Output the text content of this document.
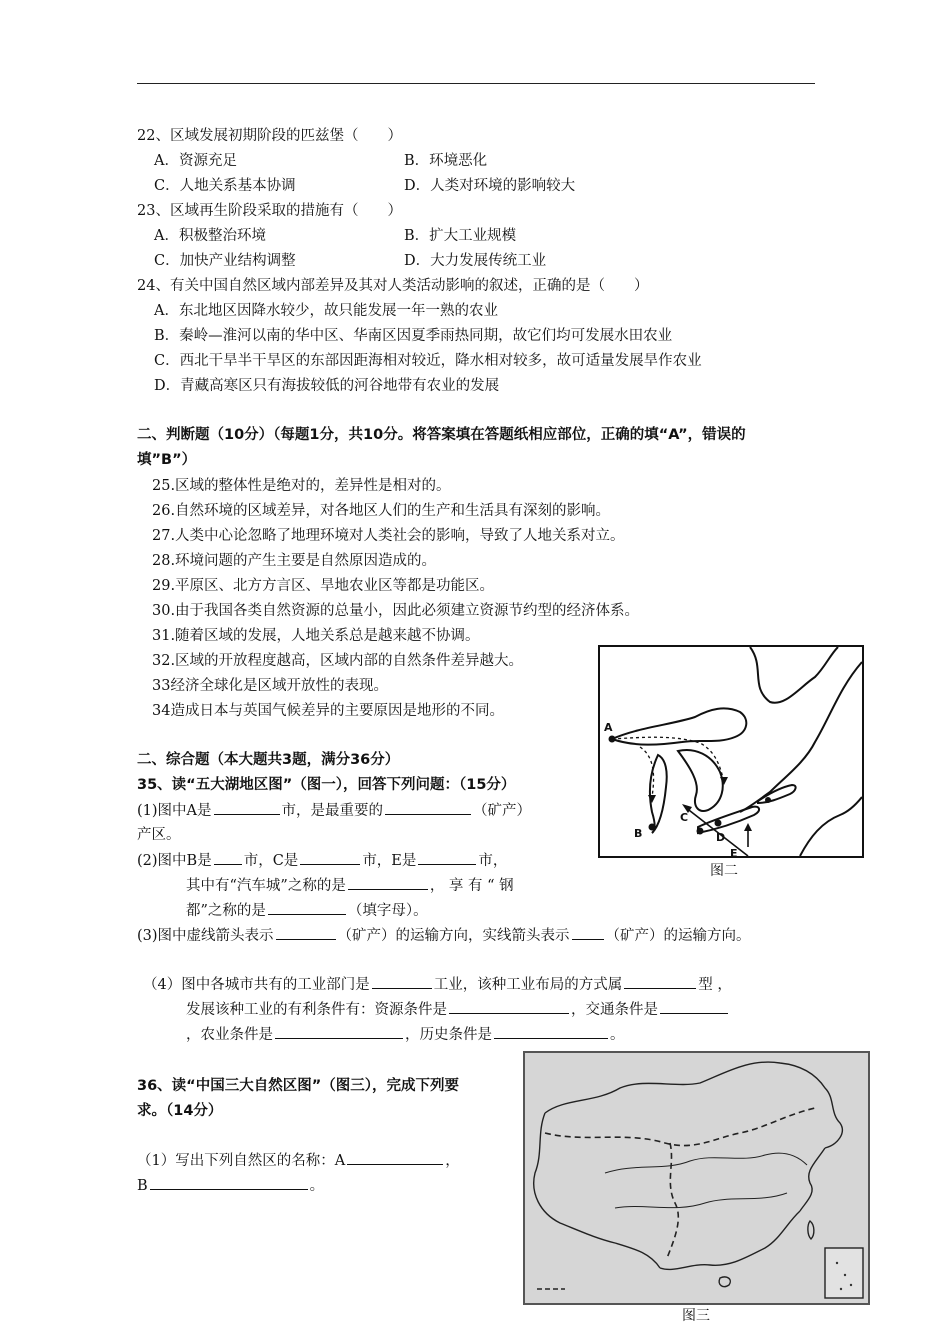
22、区域发展初期阶段的匹兹堡（　　）
A．资源充足	B．环境恶化
C．人地关系基本协调	D．人类对环境的影响较大
23、区域再生阶段采取的措施有（　　）
A．积极整治环境	B．扩大工业规模
C．加快产业结构调整	D．大力发展传统工业
24、有关中国自然区域内部差异及其对人类活动影响的叙述，正确的是（　　）
A．东北地区因降水较少，故只能发展一年一熟的农业
B．秦岭—淮河以南的华中区、华南区因夏季雨热同期，故它们均可发展水田农业
C．西北干旱半干旱区的东部因距海相对较近，降水相对较多，故可适量发展旱作农业
D．青藏高寒区只有海拔较低的河谷地带有农业的发展
二、判断题（10分）（每题1分，共10分。将答案填在答题纸相应部位，正确的填“A”，错误的
填”B”）
25.区域的整体性是绝对的，差异性是相对的。
26.自然环境的区域差异，对各地区人们的生产和生活具有深刻的影响。
27.人类中心论忽略了地理环境对人类社会的影响，导致了人地关系对立。
28.环境问题的产生主要是自然原因造成的。
29.平原区、北方方言区、旱地农业区等都是功能区。
30.由于我国各类自然资源的总量小，因此必须建立资源节约型的经济体系。
31.随着区域的发展，人地关系总是越来越不协调。
32.区域的开放程度越高，区域内部的自然条件差异越大。
33经济全球化是区域开放性的表现。
34造成日本与英国气候差异的主要原因是地形的不同。
A
B
C
D
E
图二
二、综合题（本大题共3题，满分36分）
35、读“五大湖地区图”（图一），回答下列问题：（15分）
(1)图中A是	市，是最重要的	（矿产）
产区。
(2)图中B是 市，C是	市，E是	市，
其中有“汽车城”之称的是	， 享 有 “ 钢
都”之称的是	（填字母）。
(3)图中虚线箭头表示	（矿产）的运输方向，实线箭头表示 （矿产）的运输方向。
（4）图中各城市共有的工业部门是	工业，该种工业布局的方式属	型 ，
发展该种工业的有利条件有：资源条件是	，交通条件是
，农业条件是	，历史条件是	。
36、读“中国三大自然区图”（图三），完成下列要
求。（14分）
（1）写出下列自然区的名称：A	，
B	。
图三
